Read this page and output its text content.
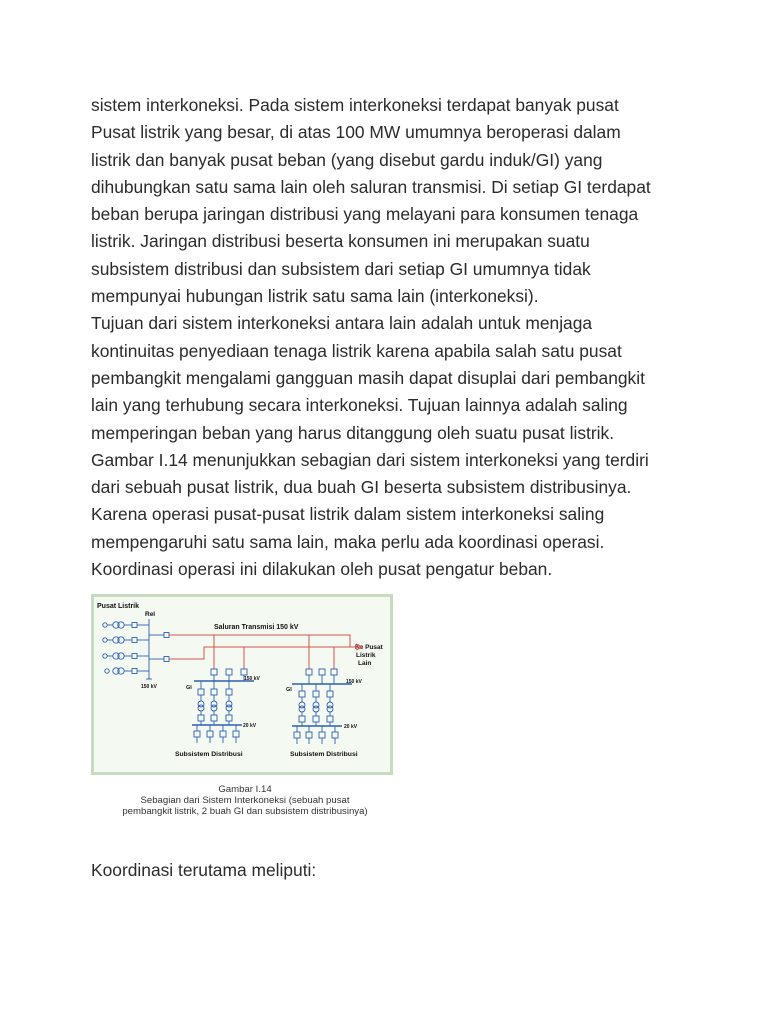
sistem interkoneksi. Pada sistem interkoneksi terdapat banyak pusat
Pusat listrik yang besar, di atas 100 MW umumnya beroperasi dalam
listrik dan banyak pusat beban (yang disebut gardu induk/GI) yang
dihubungkan satu sama lain oleh saluran transmisi. Di setiap GI terdapat
beban berupa jaringan distribusi yang melayani para konsumen tenaga
listrik. Jaringan distribusi beserta konsumen ini merupakan suatu
subsistem distribusi dan subsistem dari setiap GI umumnya tidak
mempunyai hubungan listrik satu sama lain (interkoneksi).
Tujuan dari sistem interkoneksi antara lain adalah untuk menjaga
kontinuitas penyediaan tenaga listrik karena apabila salah satu pusat
pembangkit mengalami gangguan masih dapat disuplai dari pembangkit
lain yang terhubung secara interkoneksi. Tujuan lainnya adalah saling
memperingan beban yang harus ditanggung oleh suatu pusat listrik.
Gambar I.14 menunjukkan sebagian dari sistem interkoneksi yang terdiri
dari sebuah pusat listrik, dua buah GI beserta subsistem distribusinya.
Karena operasi pusat-pusat listrik dalam sistem interkoneksi saling
mempengaruhi satu sama lain, maka perlu ada koordinasi operasi.
Koordinasi operasi ini dilakukan oleh pusat pengatur beban.
Pusat Listrik
Rel
Saluran Transmisi 150 kV
Ke Pusat
Listrik
Lain
150 kV
150 kV	150 kV
GI	GI
20 kV	20 kV
Subsistem Distribusi	Subsistem Distribusi
Gambar I.14
Sebagian dari Sistem Interkoneksi (sebuah pusat
pembangkit listrik, 2 buah GI dan subsistem distribusinya)
Koordinasi terutama meliputi:
